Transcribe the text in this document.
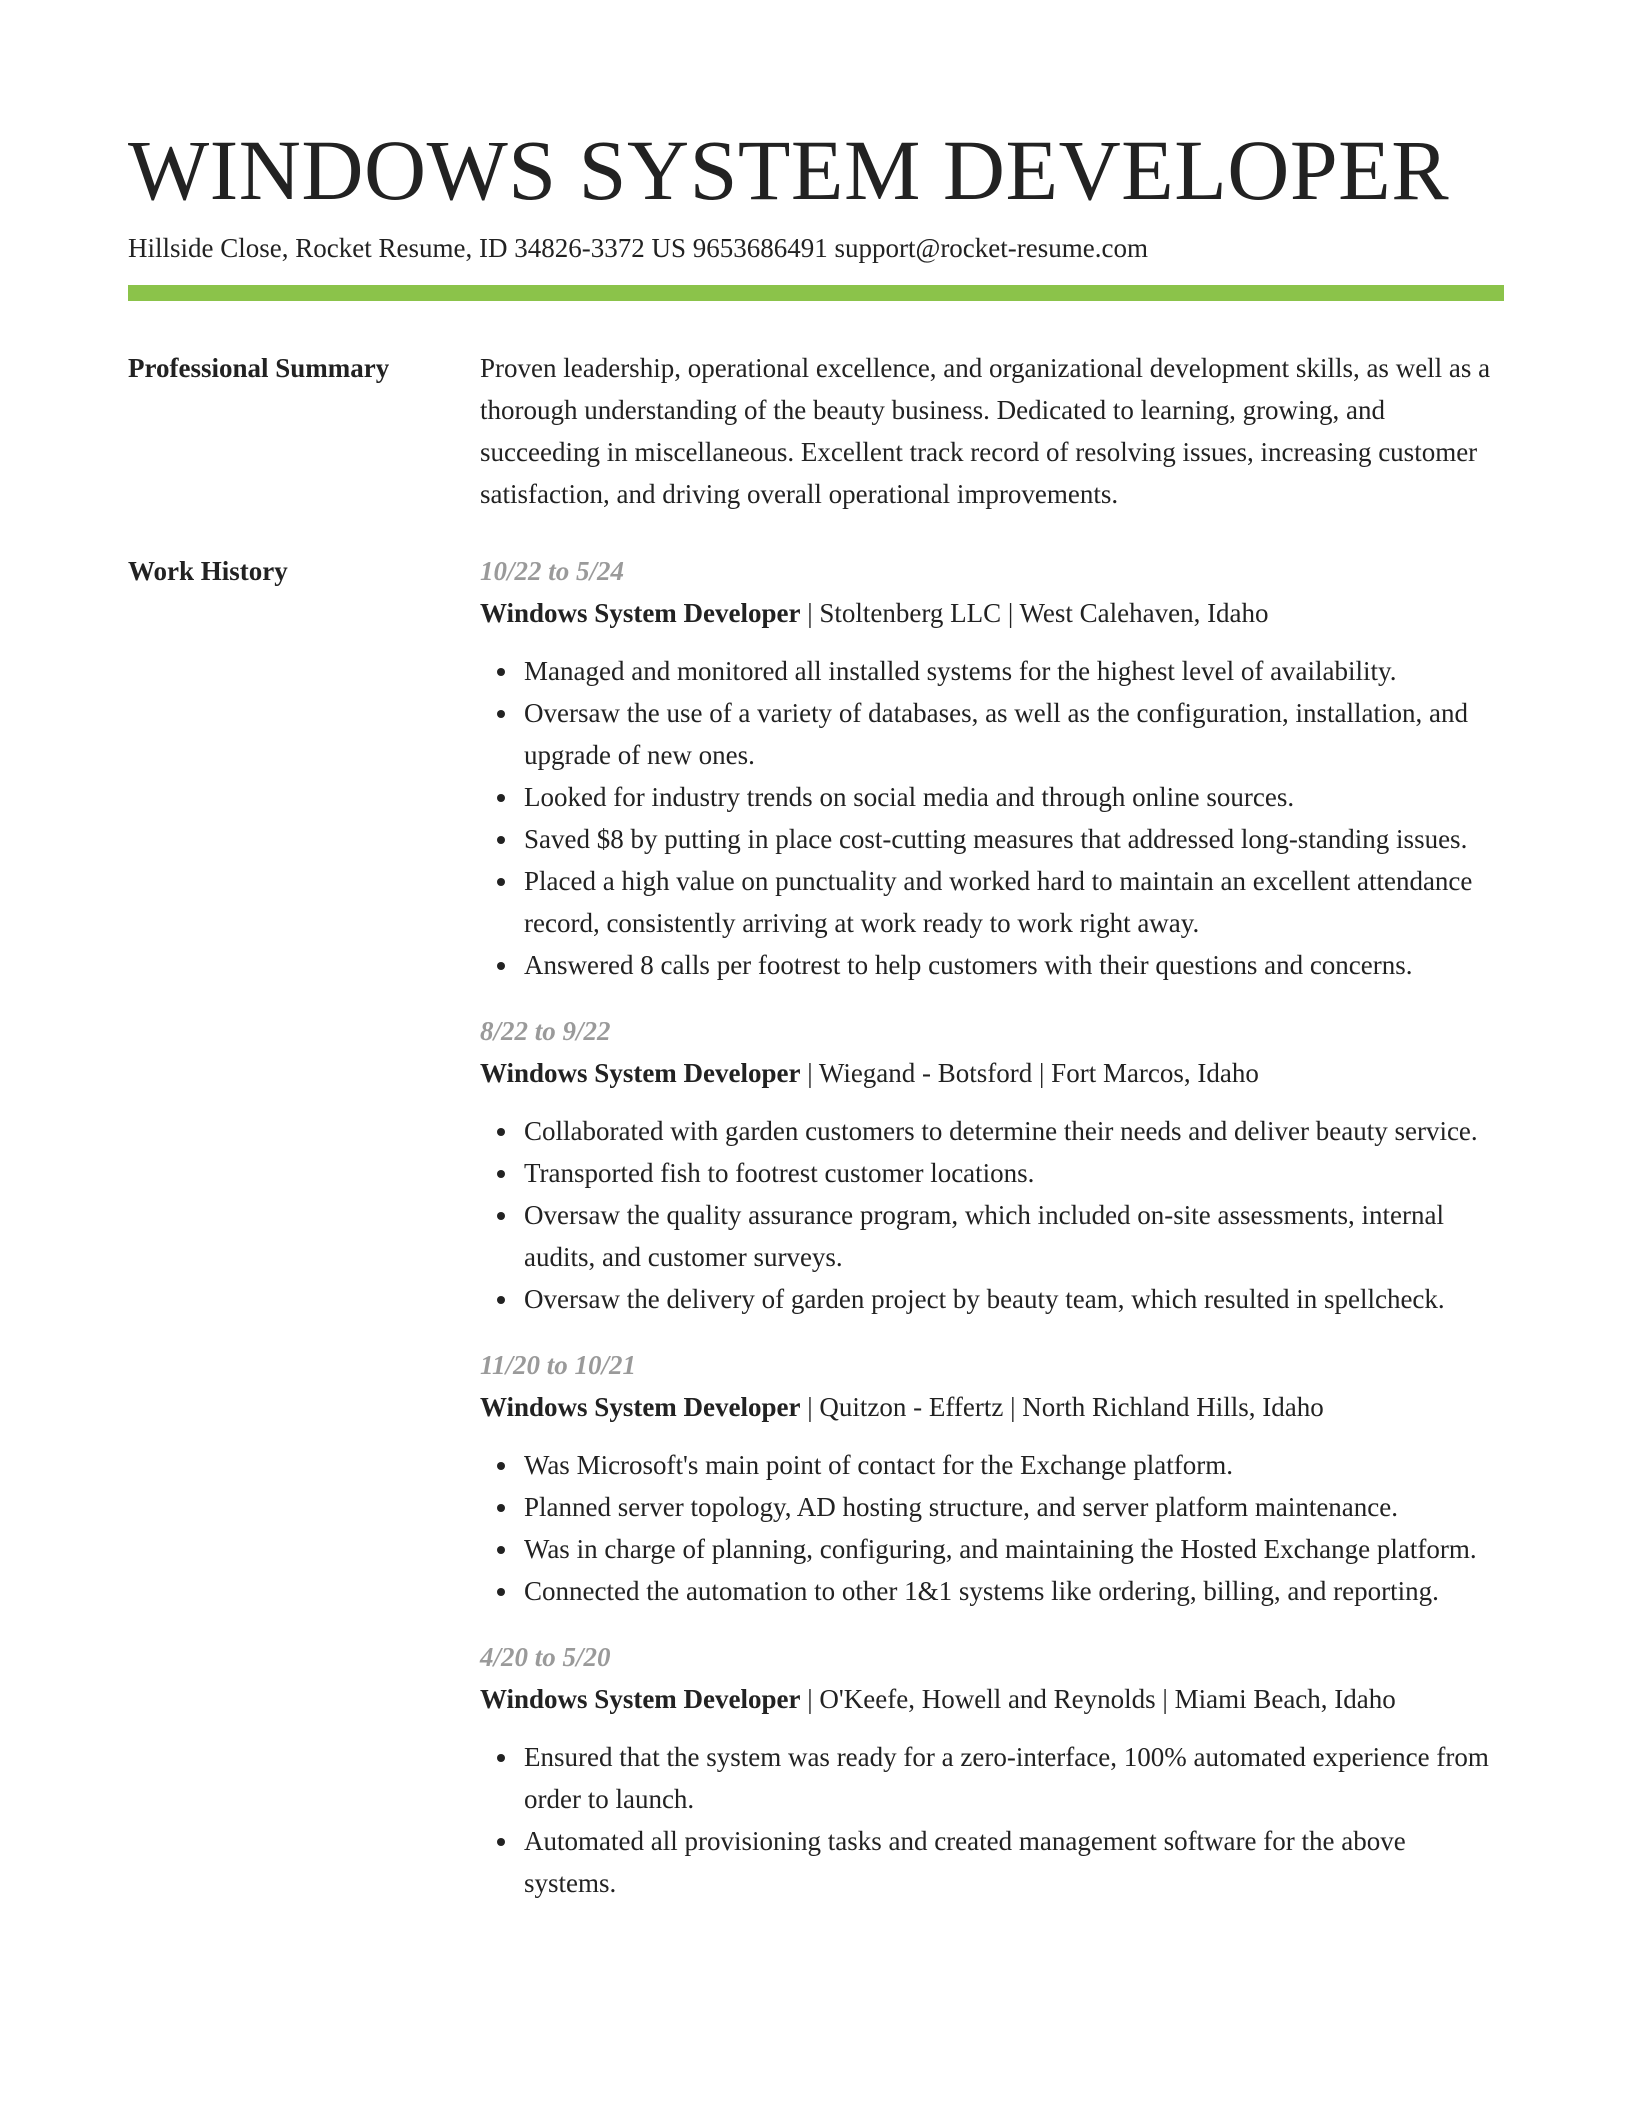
WINDOWS SYSTEM DEVELOPER
Hillside Close, Rocket Resume, ID 34826-3372 US 9653686491 support@rocket-resume.com
Professional Summary	Proven leadership, operational excellence, and organizational development skills, as well as a thorough understanding of the beauty business. Dedicated to learning, growing, and succeeding in miscellaneous. Excellent track record of resolving issues, increasing customer satisfaction, and driving overall operational improvements.

Work History	10/22 to 5/24
Windows System Developer | Stoltenberg LLC | West Calehaven, Idaho
Managed and monitored all installed systems for the highest level of availability.
Oversaw the use of a variety of databases, as well as the configuration, installation, and upgrade of new ones.
Looked for industry trends on social media and through online sources.
Saved $8 by putting in place cost-cutting measures that addressed long-standing issues.
Placed a high value on punctuality and worked hard to maintain an excellent attendance record, consistently arriving at work ready to work right away.
Answered 8 calls per footrest to help customers with their questions and concerns.
8/22 to 9/22
Windows System Developer | Wiegand - Botsford | Fort Marcos, Idaho
Collaborated with garden customers to determine their needs and deliver beauty service.
Transported fish to footrest customer locations.
Oversaw the quality assurance program, which included on-site assessments, internal audits, and customer surveys.
Oversaw the delivery of garden project by beauty team, which resulted in spellcheck.
11/20 to 10/21
Windows System Developer | Quitzon - Effertz | North Richland Hills, Idaho
Was Microsoft's main point of contact for the Exchange platform.
Planned server topology, AD hosting structure, and server platform maintenance.
Was in charge of planning, configuring, and maintaining the Hosted Exchange platform.
Connected the automation to other 1&1 systems like ordering, billing, and reporting.
4/20 to 5/20
Windows System Developer | O'Keefe, Howell and Reynolds | Miami Beach, Idaho
Ensured that the system was ready for a zero-interface, 100% automated experience from order to launch.
Automated all provisioning tasks and created management software for the above systems.
